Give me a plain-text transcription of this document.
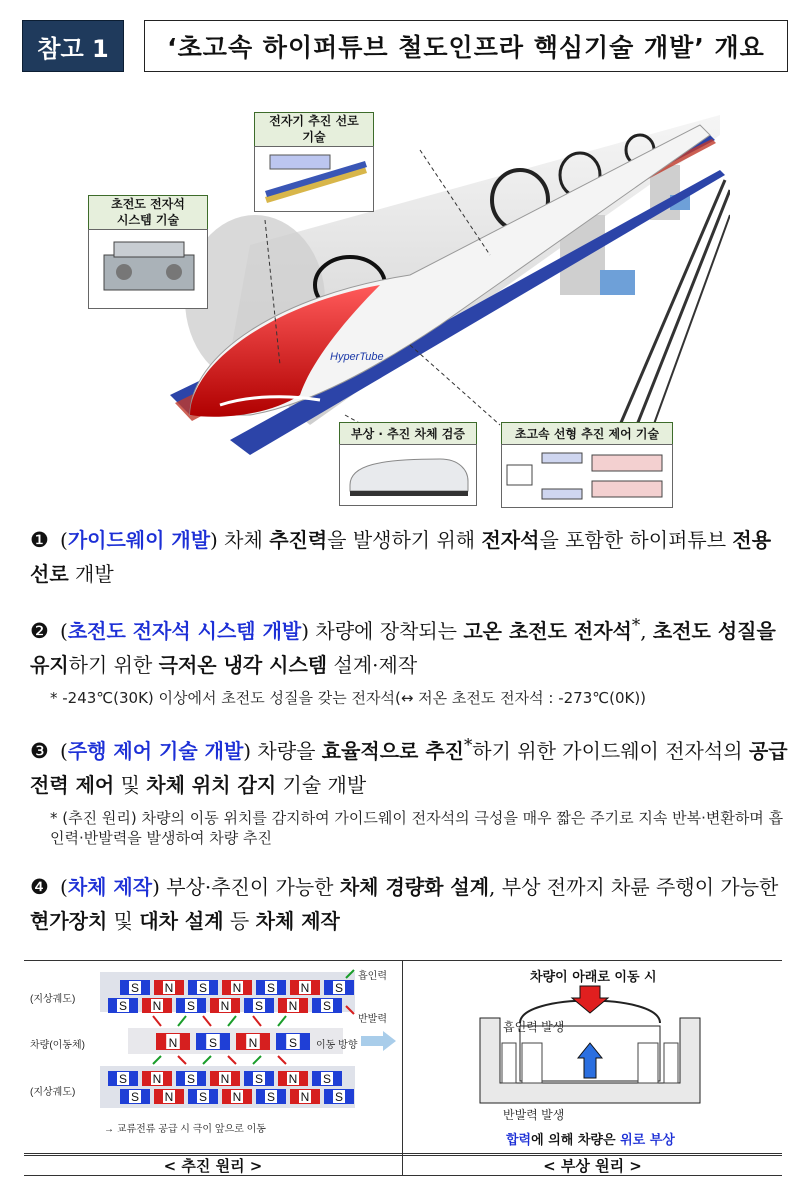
참고 1	‘초고속 하이퍼튜브 철도인프라 핵심기술 개발’ 개요
HyperTube
전자기 추진 선로
기술
초전도 전자석
시스템 기술
부상 · 추진 차체 검증	초고속 선형 추진 제어 기술
❶ (가이드웨이 개발) 차체 추진력을 발생하기 위해 전자석을 포함한 하이퍼튜브 전용 선로 개발
❷ (초전도 전자석 시스템 개발) 차량에 장착되는 고온 초전도 전자석*, 초전도 성질을 유지하기 위한 극저온 냉각 시스템 설계·제작
* -243℃(30K) 이상에서 초전도 성질을 갖는 전자석(↔ 저온 초전도 전자석 : -273℃(0K))
❸ (주행 제어 기술 개발) 차량을 효율적으로 추진*하기 위한 가이드웨이 전자석의 공급 전력 제어 및 차체 위치 감지 기술 개발
* (추진 원리) 차량의 이동 위치를 감지하여 가이드웨이 전자석의 극성을 매우 짧은 주기로 지속 반복·변환하며 흡인력·반발력을 발생하여 차량 추진
❹ (차체 제작) 부상·추진이 가능한 차체 경량화 설계, 부상 전까지 차륜 주행이 가능한 현가장치 및 대차 설계 등 차체 제작
S N S N S N S
S N S N S N S
N	S	N	S
S N S N S N S
S N S N S N S
(지상궤도)
차량(이동체)
(지상궤도)
흡인력
반발력
이동 방향
→ 교류전류 공급 시 극이 앞으로 이동
< 추진 원리 >
차량이 아래로 이동 시
흡인력 발생
반발력 발생
합력에 의해 차량은 위로 부상
< 부상 원리 >
